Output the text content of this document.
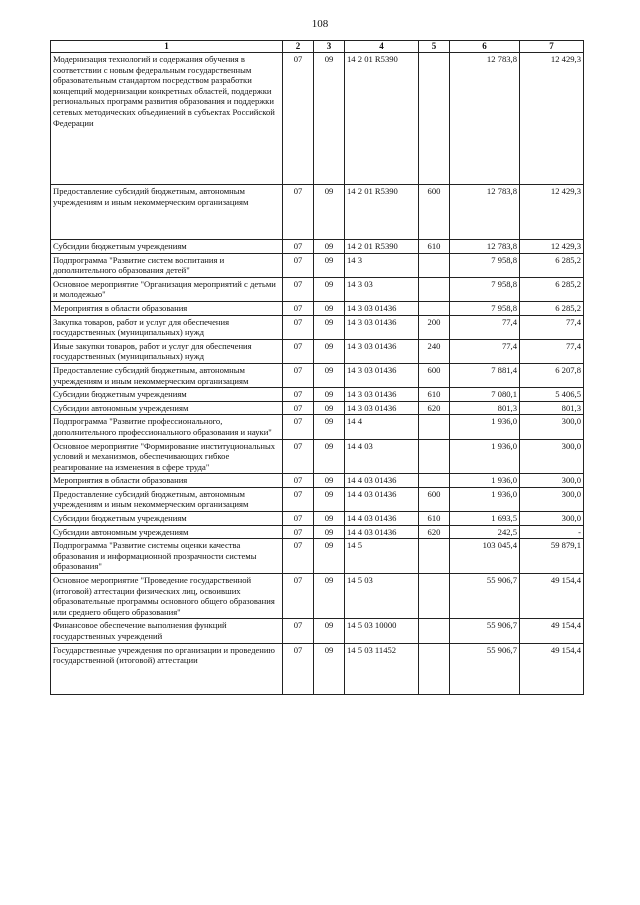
108
1	2	3	4	5	6	7
Модернизация технологий и содержания обучения в соответствии с новым федеральным государственным образовательным стандартом посредством разработки концепций модернизации конкретных областей, поддержки региональных программ развития образования и поддержки сетевых методических объединений в субъектах Российской Федерации	07	09	14 2 01 R5390		12 783,8	12 429,3
Предоставление субсидий бюджетным, автономным учреждениям и иным некоммерческим организациям	07	09	14 2 01 R5390	600	12 783,8	12 429,3
Субсидии бюджетным учреждениям	07	09	14 2 01 R5390	610	12 783,8	12 429,3
Подпрограмма "Развитие систем воспитания и дополнительного образования детей"	07	09	14 3		7 958,8	6 285,2
Основное мероприятие "Организация мероприятий с детьми и молодежью"	07	09	14 3 03		7 958,8	6 285,2
Мероприятия в области образования	07	09	14 3 03 01436		7 958,8	6 285,2
Закупка товаров, работ и услуг для обеспечения государственных (муниципальных) нужд	07	09	14 3 03 01436	200	77,4	77,4
Иные закупки товаров, работ и услуг для обеспечения государственных (муниципальных) нужд	07	09	14 3 03 01436	240	77,4	77,4
Предоставление субсидий бюджетным, автономным учреждениям и иным некоммерческим организациям	07	09	14 3 03 01436	600	7 881,4	6 207,8
Субсидии бюджетным учреждениям	07	09	14 3 03 01436	610	7 080,1	5 406,5
Субсидии автономным учреждениям	07	09	14 3 03 01436	620	801,3	801,3
Подпрограмма "Развитие профессионального, дополнительного профессионального образования и науки"	07	09	14 4		1 936,0	300,0
Основное мероприятие "Формирование институциональных условий и механизмов, обеспечивающих гибкое реагирование на изменения в сфере труда"	07	09	14 4 03		1 936,0	300,0
Мероприятия в области образования	07	09	14 4 03 01436		1 936,0	300,0
Предоставление субсидий бюджетным, автономным учреждениям и иным некоммерческим организациям	07	09	14 4 03 01436	600	1 936,0	300,0
Субсидии бюджетным учреждениям	07	09	14 4 03 01436	610	1 693,5	300,0
Субсидии автономным учреждениям	07	09	14 4 03 01436	620	242,5	-
Подпрограмма "Развитие системы оценки качества образования и информационной прозрачности системы образования"	07	09	14 5		103 045,4	59 879,1
Основное мероприятие "Проведение государственной (итоговой) аттестации физических лиц, освоивших образовательные программы основного общего образования или среднего общего образования"	07	09	14 5 03		55 906,7	49 154,4
Финансовое обеспечение выполнения функций государственных учреждений	07	09	14 5 03 10000		55 906,7	49 154,4
Государственные учреждения по организации и проведению государственной (итоговой) аттестации	07	09	14 5 03 11452		55 906,7	49 154,4
